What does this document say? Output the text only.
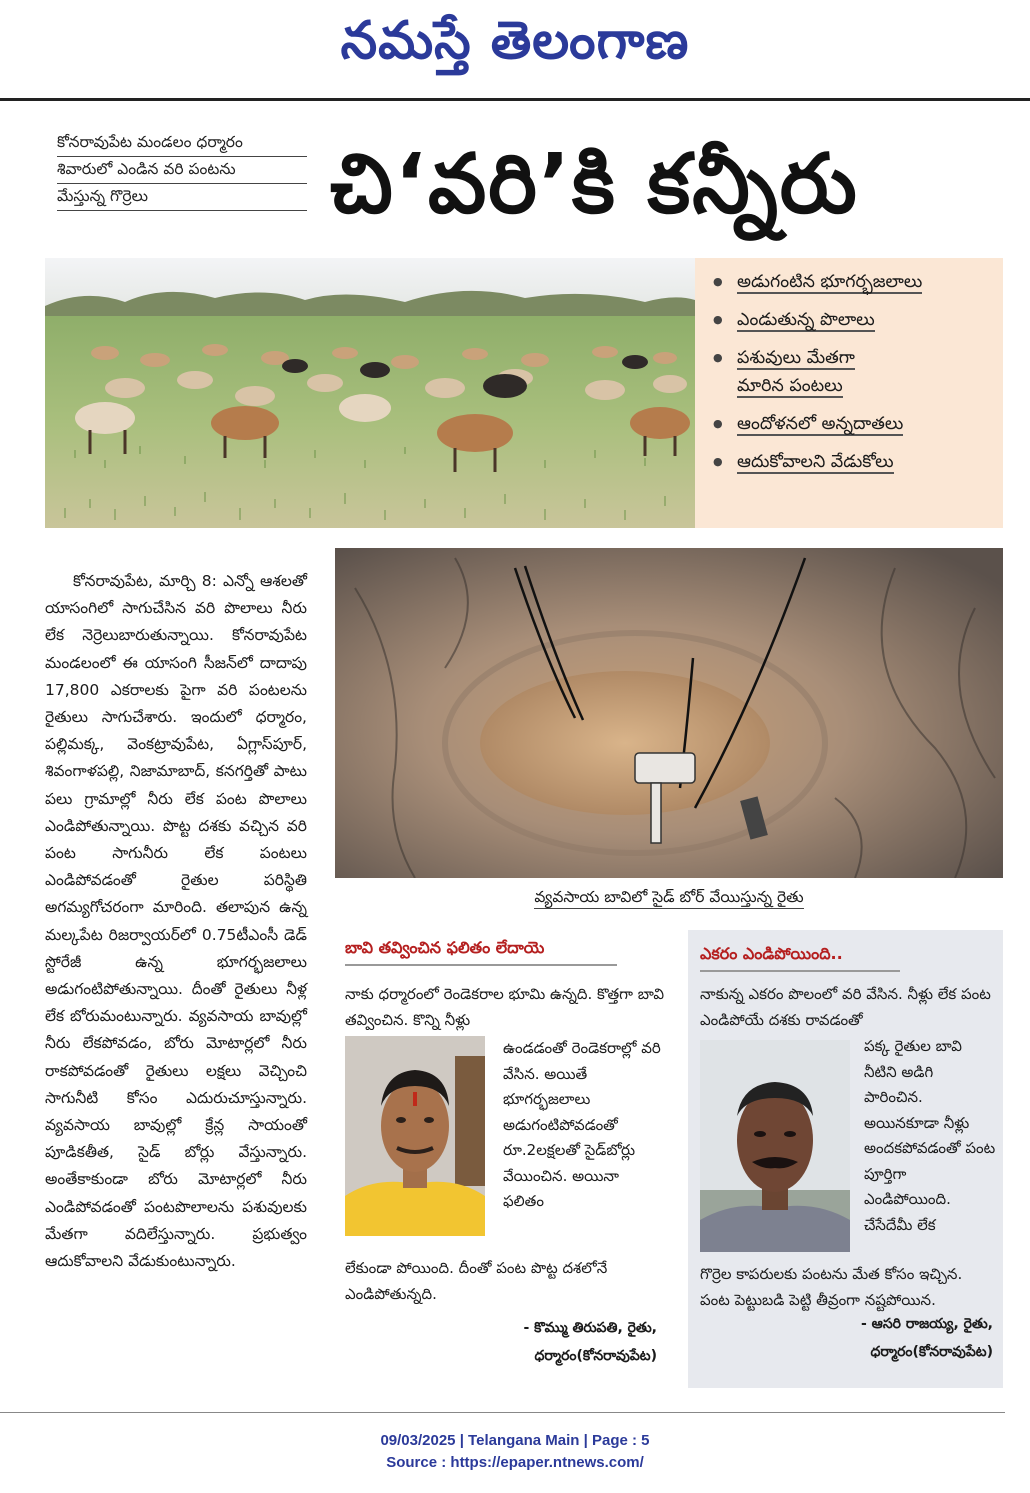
నమస్తే తెలంగాణ
కోనరావుపేట మండలం ధర్మారం
శివారులో ఎండిన వరి పంటను
మేస్తున్న గొర్రెలు	చి‘వరి’కి కన్నీరు
● అడుగంటిన భూగర్భజలాలు
● ఎండుతున్న పొలాలు
● పశువులు మేతగా మారిన పంటలు
● ఆందోళనలో అన్నదాతలు
● ఆదుకోవాలని వేడుకోలు

కోనరావుపేట, మార్చి 8: ఎన్నో ఆశలతో యాసంగిలో సాగుచేసిన వరి పొలాలు నీరు లేక నెర్రెలుబారుతున్నాయి. కోనరావుపేట మండలంలో ఈ యాసంగి సీజన్‌లో దాదాపు 17,800 ఎకరాలకు పైగా వరి పంటలను రైతులు సాగుచేశారు. ఇందులో ధర్మారం, పల్లిమక్క, వెంకట్రావుపేట, ఏగ్లాస్‌పూర్, శివంగాళపల్లి, నిజామాబాద్, కనగర్తితో పాటు పలు గ్రామాల్లో నీరు లేక పంట పొలాలు ఎండిపోతున్నాయి. పొట్ట దశకు వచ్చిన వరి పంట సాగునీరు లేక పంటలు ఎండిపోవడంతో రైతుల పరిస్థితి అగమ్యగోచరంగా మారింది. తలాపున ఉన్న మల్కపేట రిజర్వాయర్‌లో 0.75టీఎంసీ డెడ్ స్టోరేజీ ఉన్న భూగర్భజలాలు అడుగంటిపోతున్నాయి. దీంతో రైతులు నీళ్ల లేక బోరుమంటున్నారు. వ్యవసాయ బావుల్లో నీరు లేకపోవడం, బోరు మోటార్లలో నీరు రాకపోవడంతో రైతులు లక్షలు వెచ్చించి సాగునీటి కోసం ఎదురుచూస్తున్నారు. వ్యవసాయ బావుల్లో క్రేన్ల సాయంతో పూడికతీత, సైడ్ బోర్లు వేస్తున్నారు. అంతేకాకుండా బోరు మోటార్లలో నీరు ఎండిపోవడంతో పంటపొలాలను పశువులకు మేతగా వదిలేస్తున్నారు. ప్రభుత్వం ఆదుకోవాలని వేడుకుంటున్నారు.

వ్యవసాయ బావిలో సైడ్ బోర్ వేయిస్తున్న రైతు
బావి తవ్వించిన ఫలితం లేదాయె

నాకు ధర్మారంలో రెండెకరాల భూమి ఉన్నది. కొత్తగా బావి తవ్వించిన. కొన్ని నీళ్లు

ఉండడంతో రెండెకరాల్లో వరి వేసిన. అయితే భూగర్భజలాలు అడుగంటిపోవడంతో రూ.2లక్షలతో సైడ్‌బోర్లు వేయించిన. అయినా ఫలితం

లేకుండా పోయింది. దీంతో పంట పొట్ట దశలోనే ఎండిపోతున్నది.

- కొమ్ము తిరుపతి, రైతు,
ధర్మారం(కోనరావుపేట)
ఎకరం ఎండిపోయింది..

నాకున్న ఎకరం పొలంలో వరి వేసిన. నీళ్లు లేక పంట ఎండిపోయే దశకు రావడంతో

పక్క రైతుల బావి నీటిని అడిగి పారించిన. అయినకూడా నీళ్లు అందకపోవడంతో పంట పూర్తిగా ఎండిపోయింది. చేసేదేమీ లేక

గొర్రెల కాపరులకు పంటను మేత కోసం ఇచ్చిన. పంట పెట్టుబడి పెట్టి తీవ్రంగా నష్టపోయిన.

- ఆసరి రాజయ్య, రైతు,
ధర్మారం(కోనరావుపేట)
09/03/2025 | Telangana Main | Page : 5
Source : https://epaper.ntnews.com/
